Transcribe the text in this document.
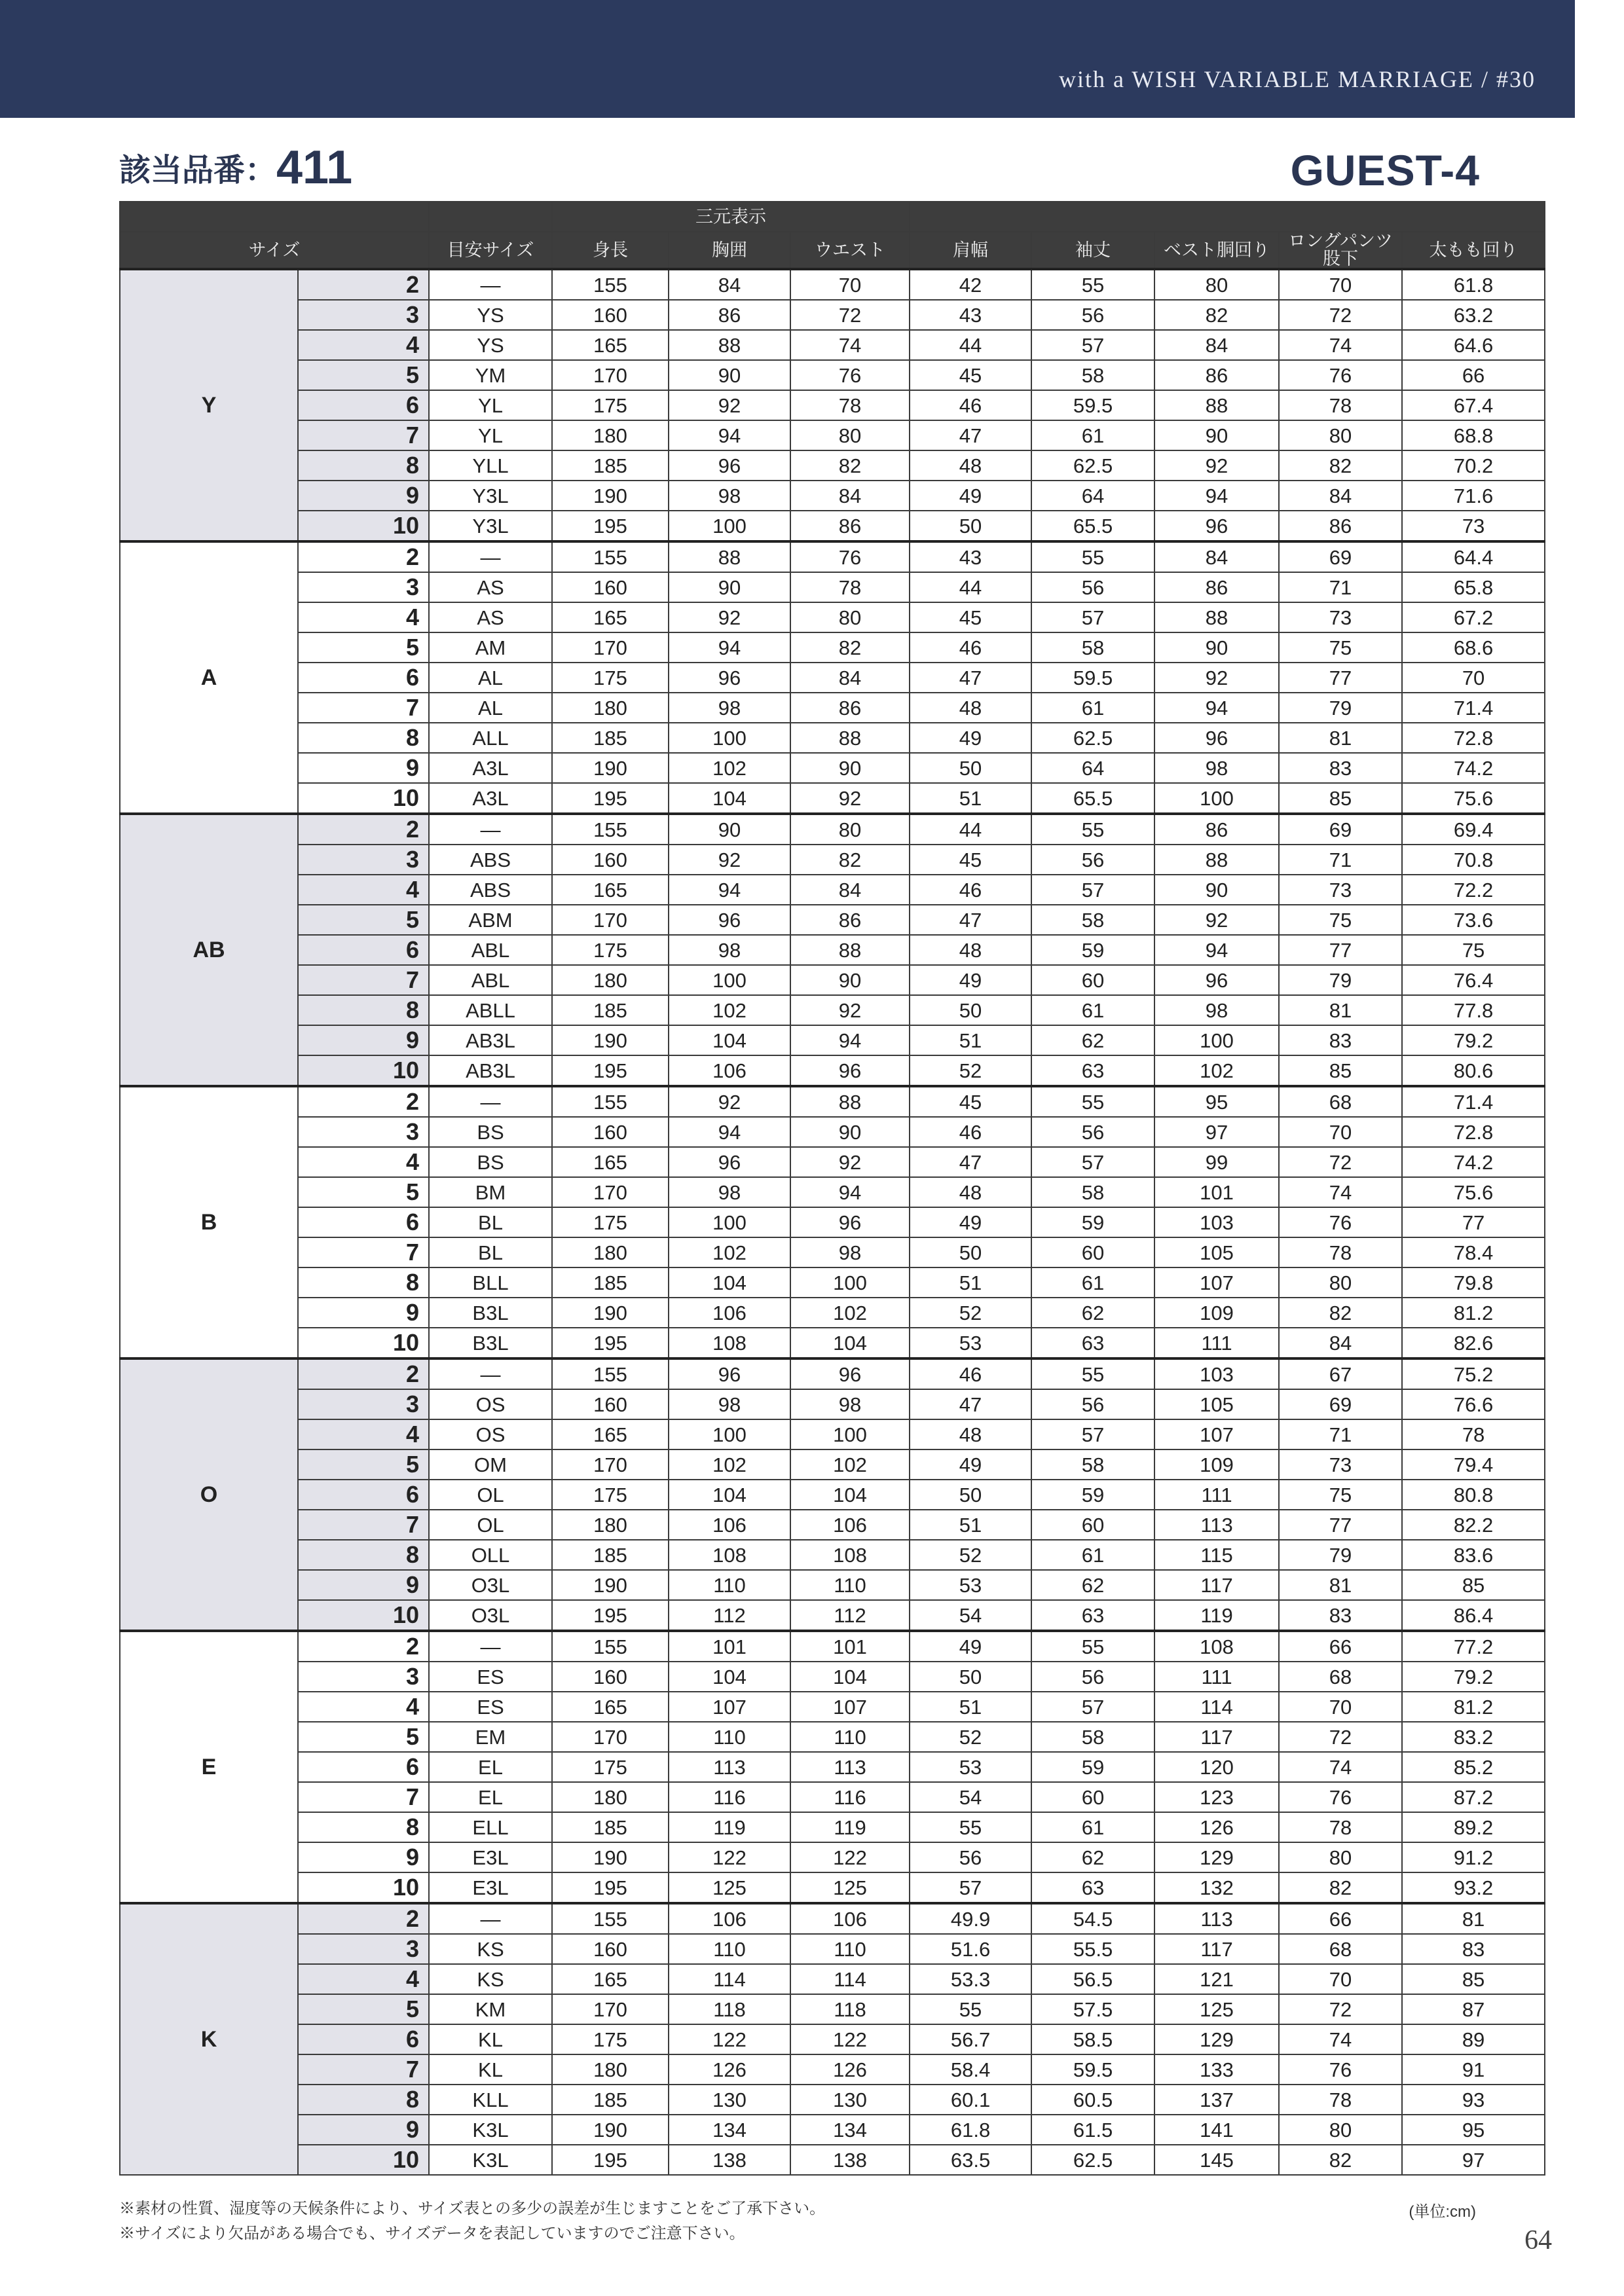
with a WISH VARIABLE MARRIAGE / #30
該当品番：411	GUEST-4
			三元表示							
サイズ		目安サイズ	身長	胸囲	ウエスト	肩幅	袖丈	ベスト胴回り	ロングパンツ股下	太もも回り
Y	2	—	155	84	70	42	55	80	70	61.8
	3	YS	160	86	72	43	56	82	72	63.2
	4	YS	165	88	74	44	57	84	74	64.6
	5	YM	170	90	76	45	58	86	76	66
	6	YL	175	92	78	46	59.5	88	78	67.4
	7	YL	180	94	80	47	61	90	80	68.8
	8	YLL	185	96	82	48	62.5	92	82	70.2
	9	Y3L	190	98	84	49	64	94	84	71.6
	10	Y3L	195	100	86	50	65.5	96	86	73
A	2	—	155	88	76	43	55	84	69	64.4
	3	AS	160	90	78	44	56	86	71	65.8
	4	AS	165	92	80	45	57	88	73	67.2
	5	AM	170	94	82	46	58	90	75	68.6
	6	AL	175	96	84	47	59.5	92	77	70
	7	AL	180	98	86	48	61	94	79	71.4
	8	ALL	185	100	88	49	62.5	96	81	72.8
	9	A3L	190	102	90	50	64	98	83	74.2
	10	A3L	195	104	92	51	65.5	100	85	75.6
AB	2	—	155	90	80	44	55	86	69	69.4
	3	ABS	160	92	82	45	56	88	71	70.8
	4	ABS	165	94	84	46	57	90	73	72.2
	5	ABM	170	96	86	47	58	92	75	73.6
	6	ABL	175	98	88	48	59	94	77	75
	7	ABL	180	100	90	49	60	96	79	76.4
	8	ABLL	185	102	92	50	61	98	81	77.8
	9	AB3L	190	104	94	51	62	100	83	79.2
	10	AB3L	195	106	96	52	63	102	85	80.6
B	2	—	155	92	88	45	55	95	68	71.4
	3	BS	160	94	90	46	56	97	70	72.8
	4	BS	165	96	92	47	57	99	72	74.2
	5	BM	170	98	94	48	58	101	74	75.6
	6	BL	175	100	96	49	59	103	76	77
	7	BL	180	102	98	50	60	105	78	78.4
	8	BLL	185	104	100	51	61	107	80	79.8
	9	B3L	190	106	102	52	62	109	82	81.2
	10	B3L	195	108	104	53	63	111	84	82.6
O	2	—	155	96	96	46	55	103	67	75.2
	3	OS	160	98	98	47	56	105	69	76.6
	4	OS	165	100	100	48	57	107	71	78
	5	OM	170	102	102	49	58	109	73	79.4
	6	OL	175	104	104	50	59	111	75	80.8
	7	OL	180	106	106	51	60	113	77	82.2
	8	OLL	185	108	108	52	61	115	79	83.6
	9	O3L	190	110	110	53	62	117	81	85
	10	O3L	195	112	112	54	63	119	83	86.4
E	2	—	155	101	101	49	55	108	66	77.2
	3	ES	160	104	104	50	56	111	68	79.2
	4	ES	165	107	107	51	57	114	70	81.2
	5	EM	170	110	110	52	58	117	72	83.2
	6	EL	175	113	113	53	59	120	74	85.2
	7	EL	180	116	116	54	60	123	76	87.2
	8	ELL	185	119	119	55	61	126	78	89.2
	9	E3L	190	122	122	56	62	129	80	91.2
	10	E3L	195	125	125	57	63	132	82	93.2
K	2	—	155	106	106	49.9	54.5	113	66	81
	3	KS	160	110	110	51.6	55.5	117	68	83
	4	KS	165	114	114	53.3	56.5	121	70	85
	5	KM	170	118	118	55	57.5	125	72	87
	6	KL	175	122	122	56.7	58.5	129	74	89
	7	KL	180	126	126	58.4	59.5	133	76	91
	8	KLL	185	130	130	60.1	60.5	137	78	93
	9	K3L	190	134	134	61.8	61.5	141	80	95
	10	K3L	195	138	138	63.5	62.5	145	82	97
※素材の性質、湿度等の天候条件により、サイズ表との多少の誤差が生じますことをご了承下さい。
※サイズにより欠品がある場合でも、サイズデータを表記していますのでご注意下さい。
(単位:cm)
64
